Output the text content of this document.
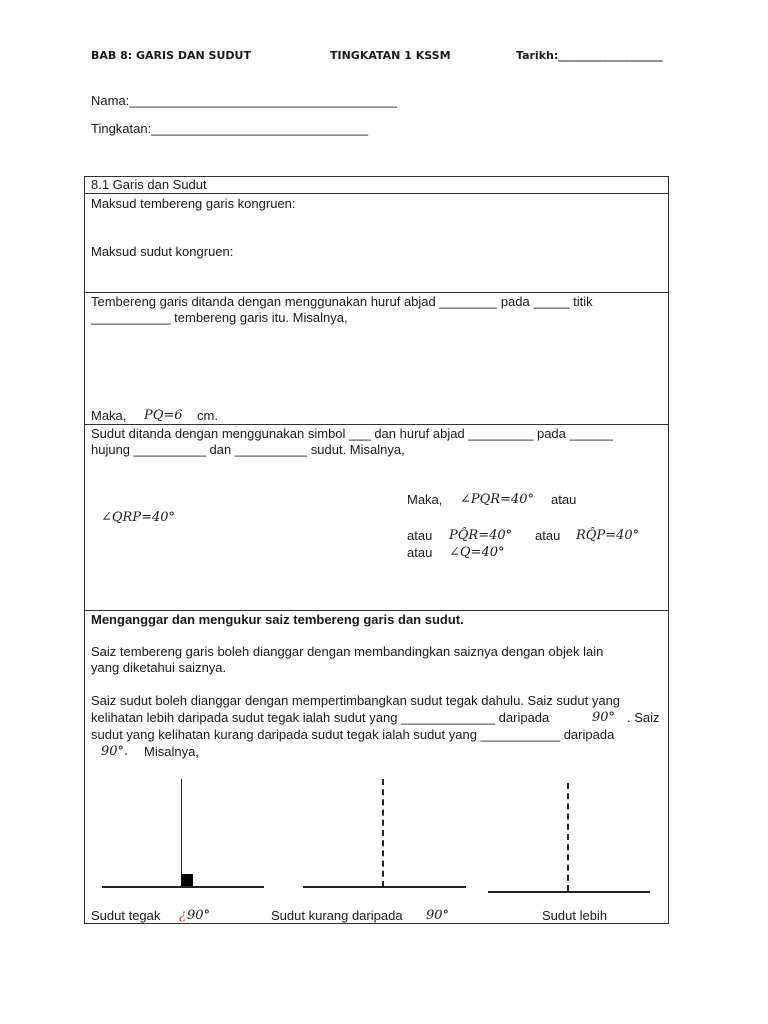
BAB 8: GARIS DAN SUDUT	TINGKATAN 1 KSSM	Tarikh:___________________
Nama:_____________________________________
Tingkatan:______________________________
8.1 Garis dan Sudut
Maksud tembereng garis kongruen:
Maksud sudut kongruen:
Tembereng garis ditanda dengan menggunakan huruf abjad ________ pada _____ titik
___________ tembereng garis itu. Misalnya,
Maka, PQ=6 cm.
Sudut ditanda dengan menggunakan simbol ___ dan huruf abjad _________ pada ______
hujung __________ dan __________ sudut. Misalnya,
Maka, ∠PQR=40° atau
∠QRP=40°
atau PQ̂R=40° atau RQ̂P=40°
atau ∠Q=40°
Menganggar dan mengukur saiz tembereng garis dan sudut.
Saiz tembereng garis boleh dianggar dengan membandingkan saiznya dengan objek lain
yang diketahui saiznya.
Saiz sudut boleh dianggar dengan mempertimbangkan sudut tegak dahulu. Saiz sudut yang
kelihatan lebih daripada sudut tegak ialah sudut yang _____________ daripada	90° . Saiz
sudut yang kelihatan kurang daripada sudut tegak ialah sudut yang ___________ daripada
90°. Misalnya,
Sudut tegak ¿ 90°	Sudut kurang daripada 90°	Sudut lebih
